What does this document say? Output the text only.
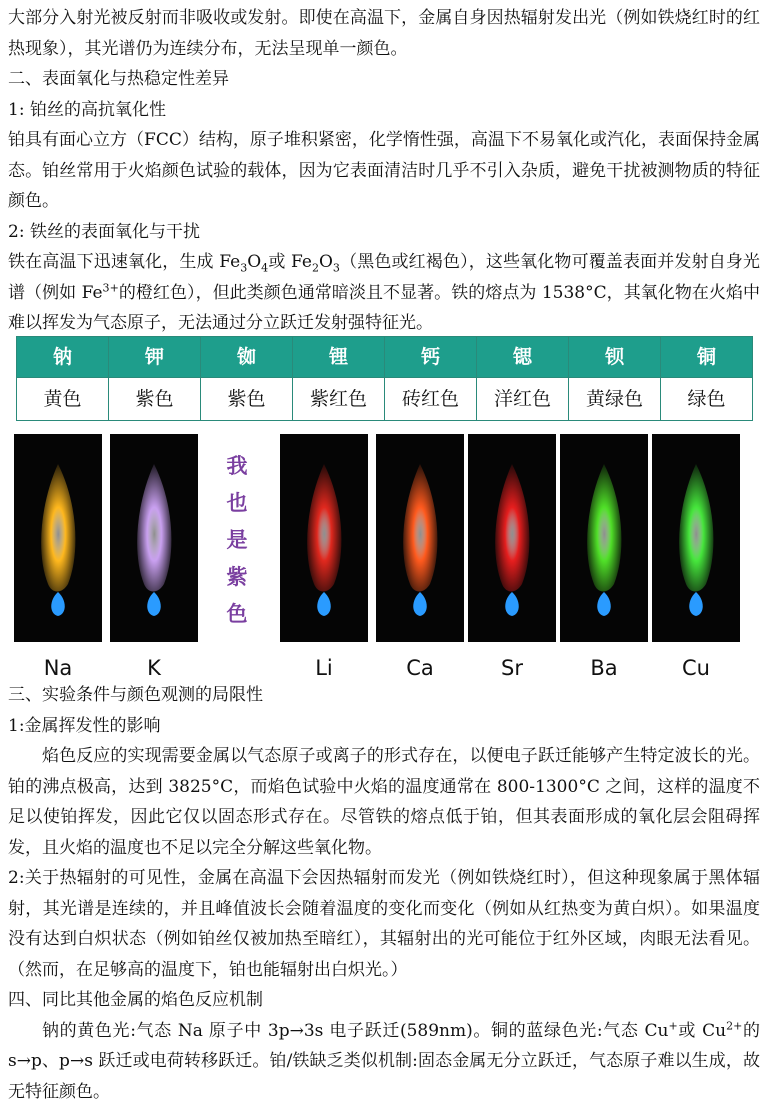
大部分入射光被反射而非吸收或发射。即使在高温下，金属自身因热辐射发出光（例如铁烧红时的红热现象），其光谱仍为连续分布，无法呈现单一颜色。

二、表面氧化与热稳定性差异

1: 铂丝的高抗氧化性

铂具有面心立方（FCC）结构，原子堆积紧密，化学惰性强，高温下不易氧化或汽化，表面保持金属态。铂丝常用于火焰颜色试验的载体，因为它表面清洁时几乎不引入杂质，避免干扰被测物质的特征颜色。

2: 铁丝的表面氧化与干扰

铁在高温下迅速氧化，生成 $Fe_3O_4$或 $Fe_2O_3$（黑色或红褐色），这些氧化物可覆盖表面并发射自身光谱（例如 $Fe^{3+}$的橙红色），但此类颜色通常暗淡且不显著。铁的熔点为 1538°C，其氧化物在火焰中难以挥发为气态原子，无法通过分立跃迁发射强特征光。

钠	钾	铷	锂	钙	锶	钡	铜
黄色	紫色	紫色	紫红色	砖红色	洋红色	黄绿色	绿色
我
也
是
紫
色
Na	K	Li	Ca	Sr	Ba	Cu

三、实验条件与颜色观测的局限性

1:金属挥发性的影响

焰色反应的实现需要金属以气态原子或离子的形式存在，以便电子跃迁能够产生特定波长的光。铂的沸点极高，达到 3825°C，而焰色试验中火焰的温度通常在 800-1300°C 之间，这样的温度不足以使铂挥发，因此它仅以固态形式存在。尽管铁的熔点低于铂，但其表面形成的氧化层会阻碍挥发，且火焰的温度也不足以完全分解这些氧化物。

2:关于热辐射的可见性，金属在高温下会因热辐射而发光（例如铁烧红时），但这种现象属于黑体辐射，其光谱是连续的，并且峰值波长会随着温度的变化而变化（例如从红热变为黄白炽）。如果温度没有达到白炽状态（例如铂丝仅被加热至暗红），其辐射出的光可能位于红外区域，肉眼无法看见。（然而，在足够高的温度下，铂也能辐射出白炽光。）

四、同比其他金属的焰色反应机制

钠的黄色光:气态 Na 原子中 3p→3s 电子跃迁(589nm)。铜的蓝绿色光:气态 Cu+或 $Cu^{2+}$的 s→p、p→s 跃迁或电荷转移跃迁。铂/铁缺乏类似机制:固态金属无分立跃迁，气态原子难以生成，故无特征颜色。
